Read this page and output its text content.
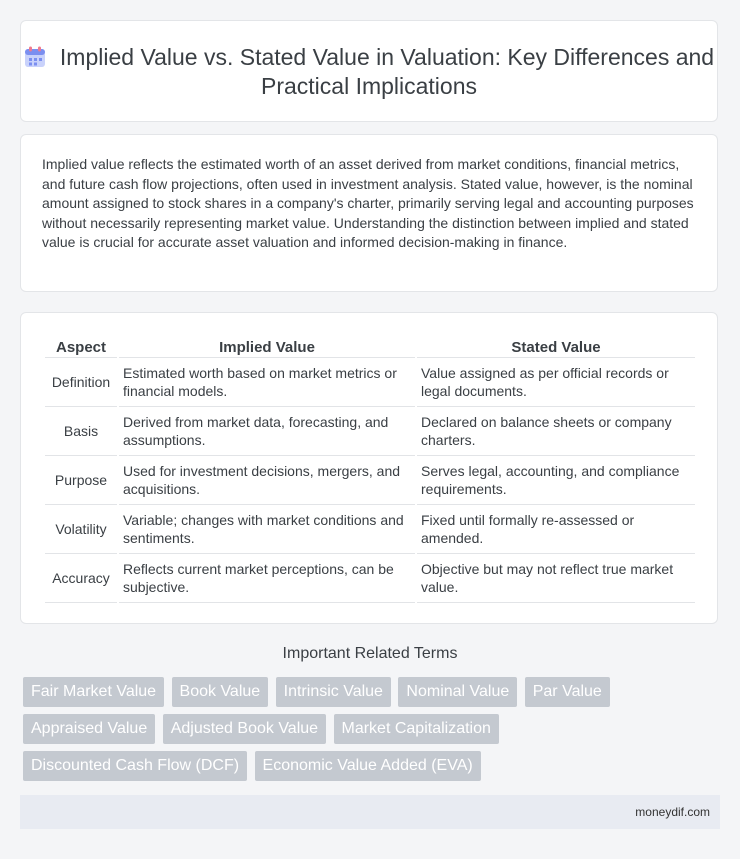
Implied Value vs. Stated Value in Valuation: Key Differences and Practical Implications
Implied value reflects the estimated worth of an asset derived from market conditions, financial metrics, and future cash flow projections, often used in investment analysis. Stated value, however, is the nominal amount assigned to stock shares in a company's charter, primarily serving legal and accounting purposes without necessarily representing market value. Understanding the distinction between implied and stated value is crucial for accurate asset valuation and informed decision-making in finance.
Aspect	Implied Value	Stated Value
Definition	Estimated worth based on market metrics or financial models.	Value assigned as per official records or legal documents.
Basis	Derived from market data, forecasting, and assumptions.	Declared on balance sheets or company charters.
Purpose	Used for investment decisions, mergers, and acquisitions.	Serves legal, accounting, and compliance requirements.
Volatility	Variable; changes with market conditions and sentiments.	Fixed until formally re-assessed or amended.
Accuracy	Reflects current market perceptions, can be subjective.	Objective but may not reflect true market value.
Important Related Terms
Fair Market Value Book Value Intrinsic Value Nominal Value Par Value Appraised Value Adjusted Book Value Market Capitalization Discounted Cash Flow (DCF) Economic Value Added (EVA)
moneydif.com
